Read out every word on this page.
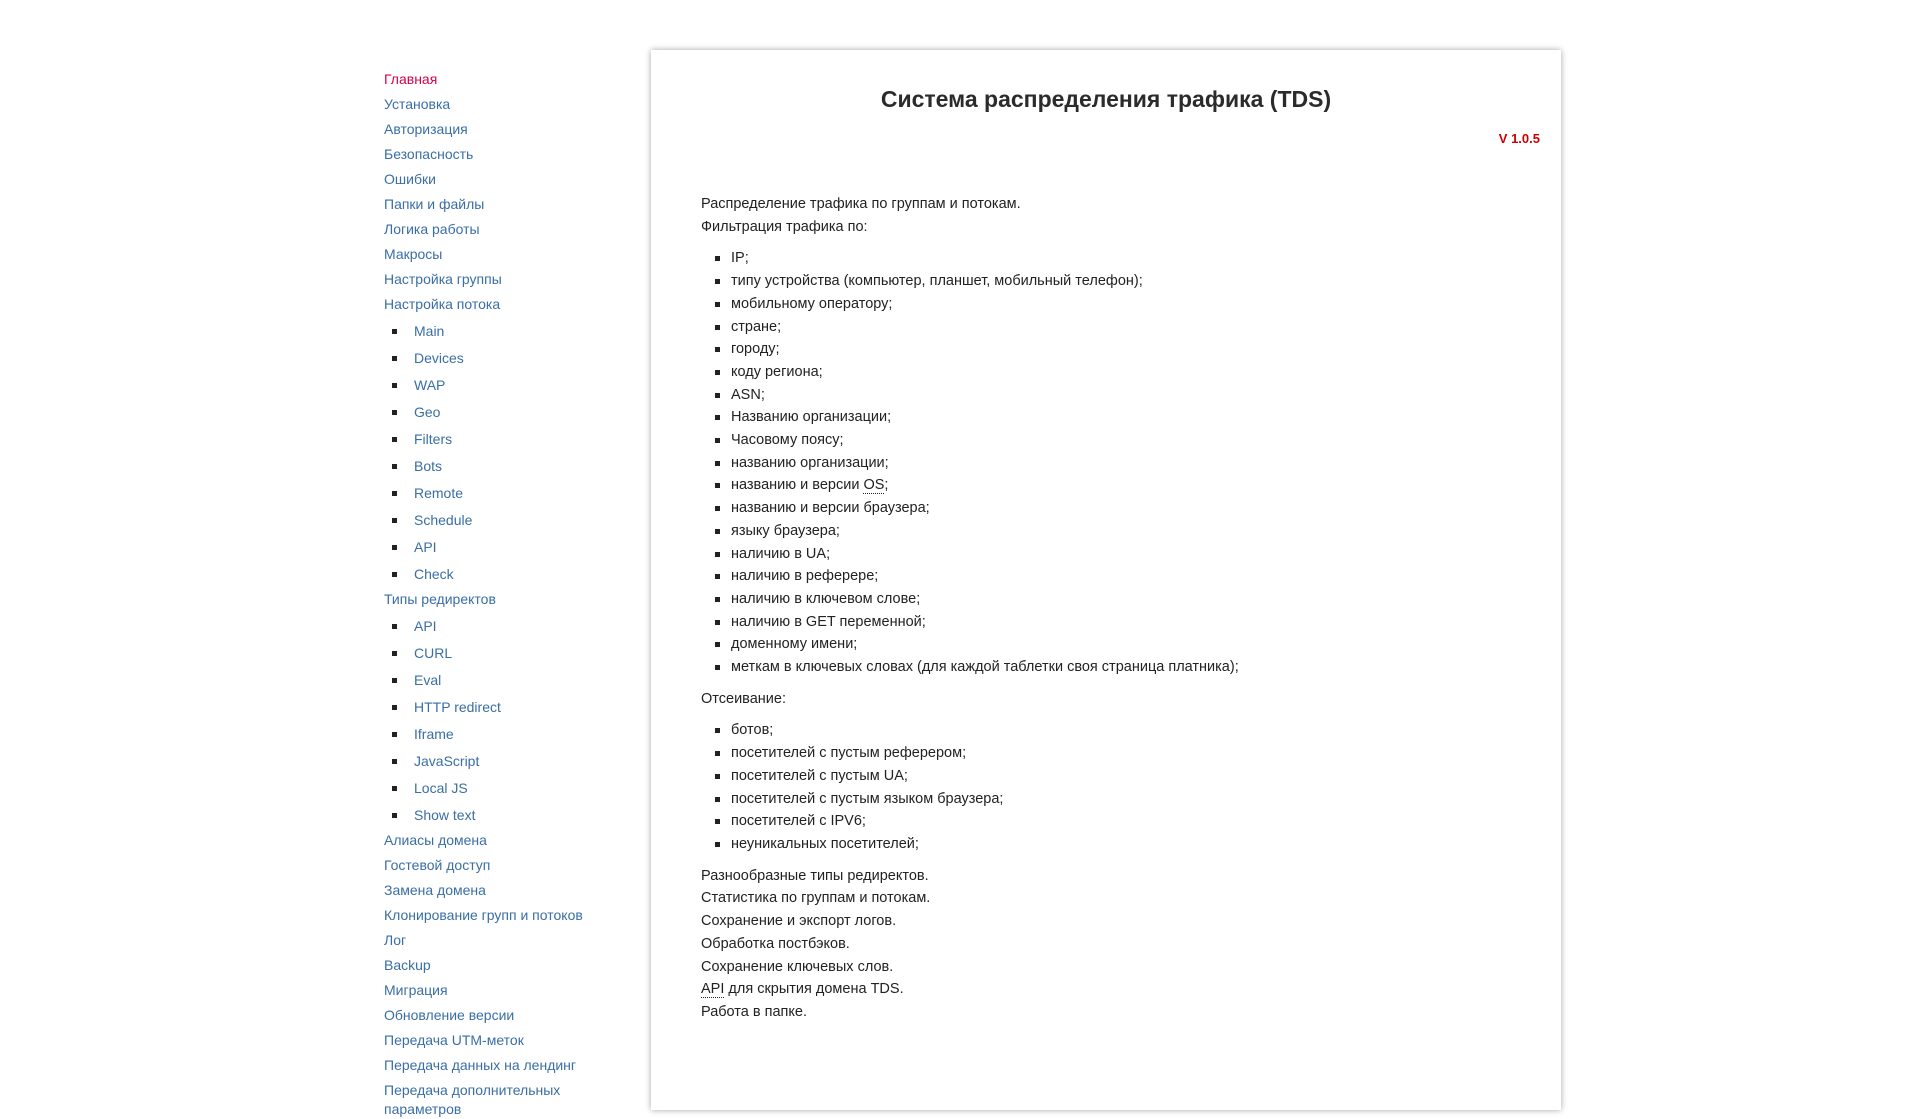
Главная
Установка
Авторизация
Безопасность
Ошибки
Папки и файлы
Логика работы
Макросы
Настройка группы
Настройка потока
Main
Devices
WAP
Geo
Filters
Bots
Remote
Schedule
API
Check
Типы редиректов
API
CURL
Eval
HTTP redirect
Iframe
JavaScript
Local JS
Show text
Алиасы домена
Гостевой доступ
Замена домена
Клонирование групп и потоков
Лог
Backup
Миграция
Обновление версии
Передача UTM-меток
Передача данных на лендинг
Передача дополнительных параметров
Система распределения трафика (TDS)
V 1.0.5

Распределение трафика по группам и потокам.

Фильтрация трафика по:

IP;
типу устройства (компьютер, планшет, мобильный телефон);
мобильному оператору;
стране;
городу;
коду региона;
ASN;
Названию организации;
Часовому поясу;
названию организации;
названию и версии OS;
названию и версии браузера;
языку браузера;
наличию в UA;
наличию в реферере;
наличию в ключевом слове;
наличию в GET переменной;
доменному имени;
меткам в ключевых словах (для каждой таблетки своя страница платника);

Отсеивание:

ботов;
посетителей с пустым реферером;
посетителей с пустым UA;
посетителей с пустым языком браузера;
посетителей с IPV6;
неуникальных посетителей;

Разнообразные типы редиректов.

Статистика по группам и потокам.

Сохранение и экспорт логов.

Обработка постбэков.

Сохранение ключевых слов.

API для скрытия домена TDS.

Работа в папке.
